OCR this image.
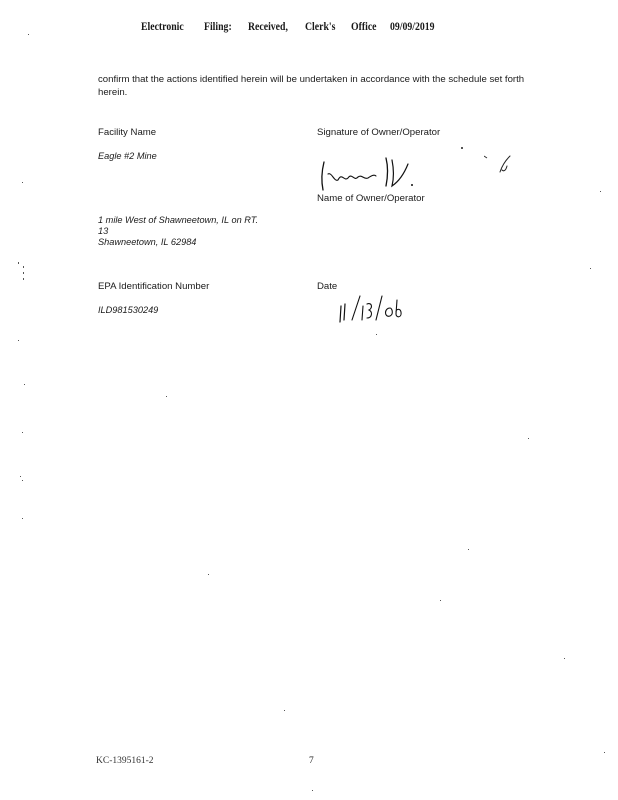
Electronic Filing: Received, Clerk's Office 09/09/2019
confirm that the actions identified herein will be undertaken in accordance with the schedule set forth herein.
Facility Name
Eagle #2 Mine
Signature of Owner/Operator
Name of Owner/Operator
1 mile West of Shawneetown, IL on RT.
13
Shawneetown, IL 62984
EPA Identification Number
ILD981530249
Date
KC-1395161-2	7
